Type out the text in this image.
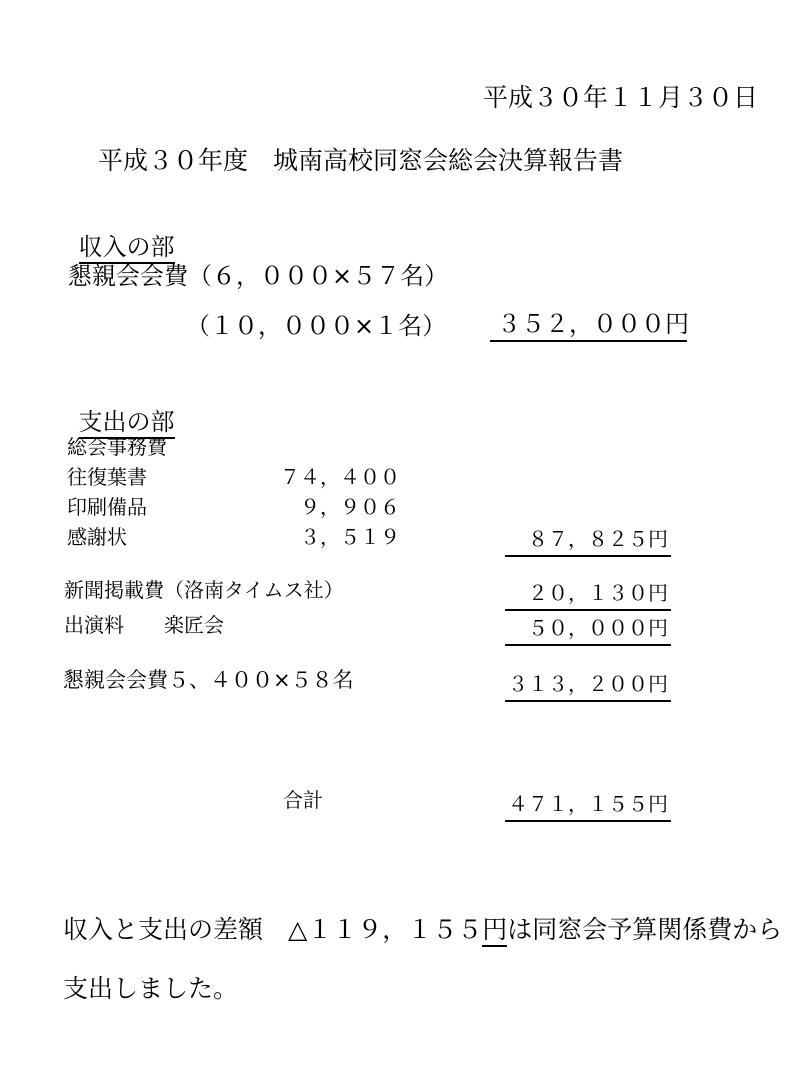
平成３０年１１月３０日
平成３０年度　城南高校同窓会総会決算報告書

収入の部

懇親会会費（６，０００×５７名）
（１０，０００×１名） ３５２，０００円

支出の部

総会事務費
往復葉書	７４，４００
印刷備品	９，９０６
感謝状	３，５１９	８７，８２５円
新聞掲載費（洛南タイムス社）	２０，１３０円
出演料　　楽匠会	５０，０００円
懇親会会費５、４００×５８名	３１３，２００円
合計	４７１，１５５円
収入と支出の差額　△１１９，１５５円は同窓会予算関係費から
支出しました。
